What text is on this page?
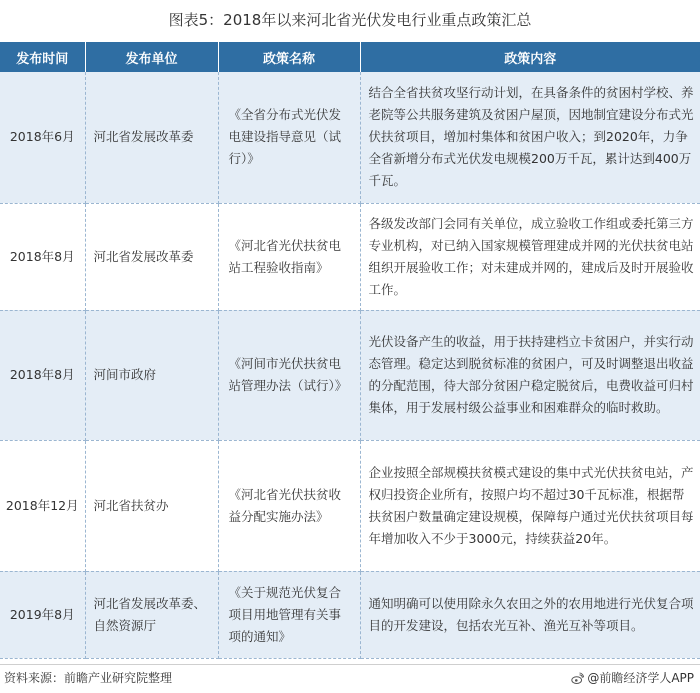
图表5：2018年以来河北省光伏发电行业重点政策汇总
发布时间	发布单位	政策名称	政策内容
2018年6月	河北省发展改革委	《全省分布式光伏发电建设指导意见（试行）》	结合全省扶贫攻坚行动计划，在具备条件的贫困村学校、养老院等公共服务建筑及贫困户屋顶，因地制宜建设分布式光伏扶贫项目，增加村集体和贫困户收入；到2020年，力争全省新增分布式光伏发电规模200万千瓦，累计达到400万千瓦。
2018年8月	河北省发展改革委	《河北省光伏扶贫电站工程验收指南》	各级发改部门会同有关单位，成立验收工作组或委托第三方专业机构，对已纳入国家规模管理建成并网的光伏扶贫电站组织开展验收工作；对未建成并网的，建成后及时开展验收工作。
2018年8月	河间市政府	《河间市光伏扶贫电站管理办法（试行）》	光伏设备产生的收益，用于扶持建档立卡贫困户，并实行动态管理。稳定达到脱贫标准的贫困户，可及时调整退出收益的分配范围，待大部分贫困户稳定脱贫后，电费收益可归村集体，用于发展村级公益事业和困难群众的临时救助。
2018年12月	河北省扶贫办	《河北省光伏扶贫收益分配实施办法》	企业按照全部规模扶贫模式建设的集中式光伏扶贫电站，产权归投资企业所有，按照户均不超过30千瓦标准，根据帮扶贫困户数量确定建设规模，保障每户通过光伏扶贫项目每年增加收入不少于3000元，持续获益20年。
2019年8月	河北省发展改革委、自然资源厅	《关于规范光伏复合项目用地管理有关事项的通知》	通知明确可以使用除永久农田之外的农用地进行光伏复合项目的开发建设，包括农光互补、渔光互补等项目。
资料来源：前瞻产业研究院整理	@前瞻经济学人APP
